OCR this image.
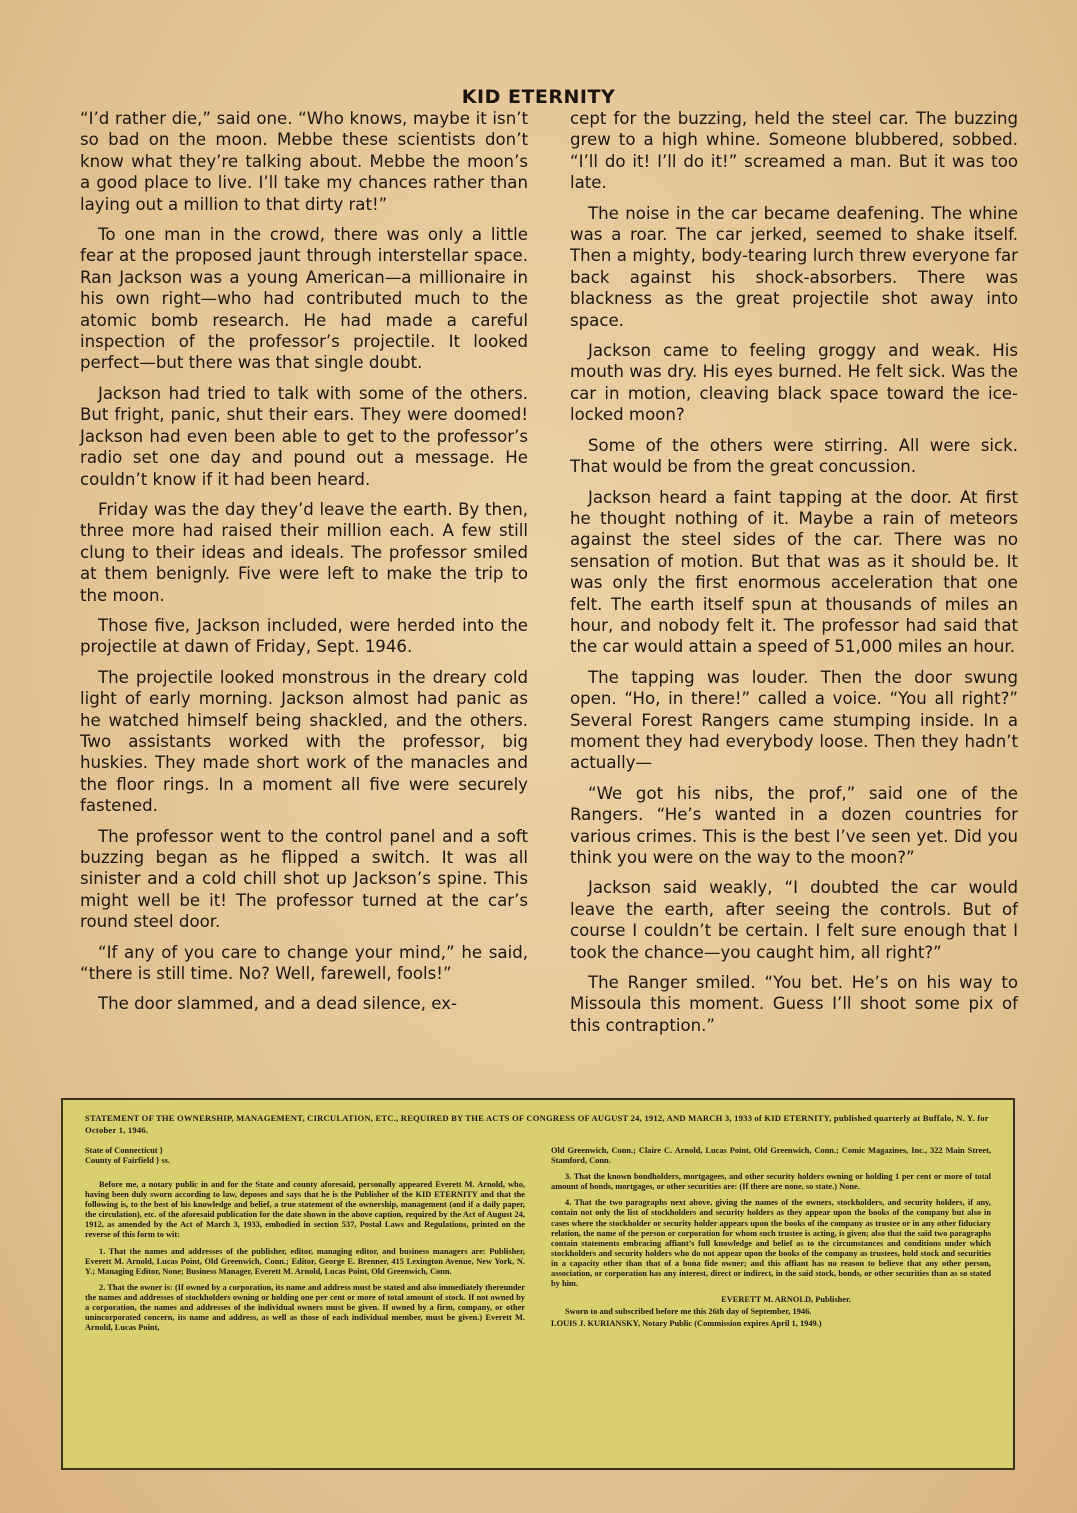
KID ETERNITY

“I’d rather die,” said one. “Who knows, maybe it isn’t so bad on the moon. Mebbe these scientists don’t know what they’re talking about. Mebbe the moon’s a good place to live. I’ll take my chances rather than laying out a million to that dirty rat!”

To one man in the crowd, there was only a little fear at the proposed jaunt through interstellar space. Ran Jackson was a young American—a millionaire in his own right—who had contributed much to the atomic bomb research. He had made a careful inspection of the professor’s projectile. It looked perfect—but there was that single doubt.

Jackson had tried to talk with some of the others. But fright, panic, shut their ears. They were doomed! Jackson had even been able to get to the professor’s radio set one day and pound out a message. He couldn’t know if it had been heard.

Friday was the day they’d leave the earth. By then, three more had raised their million each. A few still clung to their ideas and ideals. The professor smiled at them benignly. Five were left to make the trip to the moon.

Those five, Jackson included, were herded into the projectile at dawn of Friday, Sept. 1946.

The projectile looked monstrous in the dreary cold light of early morning. Jackson almost had panic as he watched himself being shackled, and the others. Two assistants worked with the professor, big huskies. They made short work of the manacles and the floor rings. In a moment all five were securely fastened.

The professor went to the control panel and a soft buzzing began as he flipped a switch. It was all sinister and a cold chill shot up Jackson’s spine. This might well be it! The professor turned at the car’s round steel door.

“If any of you care to change your mind,” he said, “there is still time. No? Well, farewell, fools!”

The door slammed, and a dead silence, ex-

cept for the buzzing, held the steel car. The buzzing grew to a high whine. Someone blubbered, sobbed. “I’ll do it! I’ll do it!” screamed a man. But it was too late.

The noise in the car became deafening. The whine was a roar. The car jerked, seemed to shake itself. Then a mighty, body-tearing lurch threw everyone far back against his shock-absorbers. There was blackness as the great projectile shot away into space.

Jackson came to feeling groggy and weak. His mouth was dry. His eyes burned. He felt sick. Was the car in motion, cleaving black space toward the ice-locked moon?

Some of the others were stirring. All were sick. That would be from the great concussion.

Jackson heard a faint tapping at the door. At first he thought nothing of it. Maybe a rain of meteors against the steel sides of the car. There was no sensation of motion. But that was as it should be. It was only the first enormous acceleration that one felt. The earth itself spun at thousands of miles an hour, and nobody felt it. The professor had said that the car would attain a speed of 51,000 miles an hour.

The tapping was louder. Then the door swung open. “Ho, in there!” called a voice. “You all right?” Several Forest Rangers came stumping inside. In a moment they had everybody loose. Then they hadn’t actually—

“We got his nibs, the prof,” said one of the Rangers. “He’s wanted in a dozen countries for various crimes. This is the best I’ve seen yet. Did you think you were on the way to the moon?”

Jackson said weakly, “I doubted the car would leave the earth, after seeing the controls. But of course I couldn’t be certain. I felt sure enough that I took the chance—you caught him, all right?”

The Ranger smiled. “You bet. He’s on his way to Missoula this moment. Guess I’ll shoot some pix of this contraption.”

STATEMENT OF THE OWNERSHIP, MANAGEMENT, CIRCULATION, ETC., REQUIRED BY THE ACTS OF CONGRESS OF AUGUST 24, 1912, AND MARCH 3, 1933 of KID ETERNITY, published quarterly at Buffalo, N. Y. for October 1, 1946.
State of Connecticut }
County of Fairfield } ss.

Before me, a notary public in and for the State and county aforesaid, personally appeared Everett M. Arnold, who, having been duly sworn according to law, deposes and says that he is the Publisher of the KID ETERNITY and that the following is, to the best of his knowledge and belief, a true statement of the ownership, management (and if a daily paper, the circulation), etc. of the aforesaid publication for the date shown in the above caption, required by the Act of August 24, 1912, as amended by the Act of March 3, 1933, embodied in section 537, Postal Laws and Regulations, printed on the reverse of this form to wit:

1. That the names and addresses of the publisher, editor, managing editor, and business managers are: Publisher, Everett M. Arnold, Lucas Point, Old Greenwich, Conn.; Editor, George E. Brenner, 415 Lexington Avenue, New York, N. Y.; Managing Editor, None; Business Manager, Everett M. Arnold, Lucas Point, Old Greenwich, Conn.

2. That the owner is: (If owned by a corporation, its name and address must be stated and also immediately thereunder the names and addresses of stockholders owning or holding one per cent or more of total amount of stock. If not owned by a corporation, the names and addresses of the individual owners must be given. If owned by a firm, company, or other unincorporated concern, its name and address, as well as those of each individual member, must be given.) Everett M. Arnold, Lucas Point,

Old Greenwich, Conn.; Claire C. Arnold, Lucas Point, Old Greenwich, Conn.; Comic Magazines, Inc., 322 Main Street, Stamford, Conn.

3. That the known bondholders, mortgagees, and other security holders owning or holding 1 per cent or more of total amount of bonds, mortgages, or other securities are: (If there are none, so state.) None.

4. That the two paragraphs next above, giving the names of the owners, stockholders, and security holders, if any, contain not only the list of stockholders and security holders as they appear upon the books of the company but also in cases where the stockholder or security holder appears upon the books of the company as trustee or in any other fiduciary relation, the name of the person or corporation for whom such trustee is acting, is given; also that the said two paragraphs contain statements embracing affiant’s full knowledge and belief as to the circumstances and conditions under which stockholders and security holders who do not appear upon the books of the company as trustees, hold stock and securities in a capacity other than that of a bona fide owner; and this affiant has no reason to believe that any other person, association, or corporation has any interest, direct or indirect, in the said stock, bonds, or other securities than as so stated by him.

EVERETT M. ARNOLD, Publisher.

Sworn to and subscribed before me this 26th day of September, 1946.

LOUIS J. KURIANSKY, Notary Public (Commission expires April 1, 1949.)
